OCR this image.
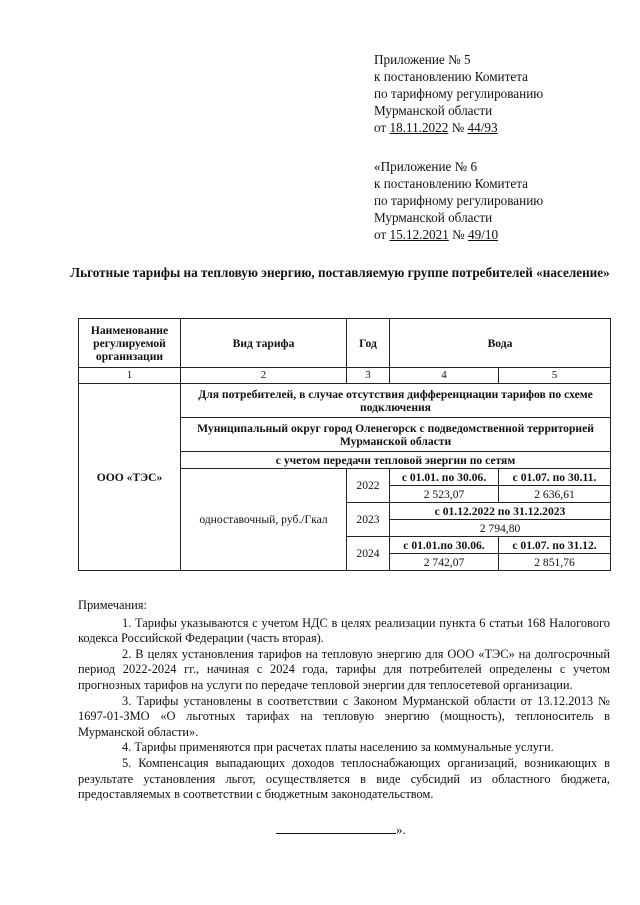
Приложение № 5
к постановлению Комитета
по тарифному регулированию
Мурманской области
от 18.11.2022 № 44/93
«Приложение № 6
к постановлению Комитета
по тарифному регулированию
Мурманской области
от 15.12.2021 № 49/10
Льготные тарифы на тепловую энергию, поставляемую группе потребителей «население»
Наименование регулируемой организации	Вид тарифа	Год	Вода	
1	2	3	4	5
ООО «ТЭС»	Для потребителей, в случае отсутствия дифференциации тарифов по схеме подключения			
	Муниципальный округ город Оленегорск с подведомственной территорией Мурманской области			
	с учетом передачи тепловой энергии по сетям			
	одноставочный, руб./Гкал	2022	с 01.01. по 30.06.	с 01.07. по 30.11.
			2 523,07	2 636,61
		2023	с 01.12.2022 по 31.12.2023	
			2 794,80	
		2024	с 01.01.по 30.06.	с 01.07. по 31.12.
			2 742,07	2 851,76
Примечания:

1. Тарифы указываются с учетом НДС в целях реализации пункта 6 статьи 168 Налогового кодекса Российской Федерации (часть вторая).

2. В целях установления тарифов на тепловую энергию для ООО «ТЭС» на долгосрочный период 2022-2024 гг., начиная с 2024 года, тарифы для потребителей определены с учетом прогнозных тарифов на услуги по передаче тепловой энергии для теплосетевой организации.

3. Тарифы установлены в соответствии с Законом Мурманской области от 13.12.2013 № 1697-01-ЗМО «О льготных тарифах на тепловую энергию (мощность), теплоноситель в Мурманской области».

4. Тарифы применяются при расчетах платы населению за коммунальные услуги.

5. Компенсация выпадающих доходов теплоснабжающих организаций, возникающих в результате установления льгот, осуществляется в виде субсидий из областного бюджета, предоставляемых в соответствии с бюджетным законодательством.

».
